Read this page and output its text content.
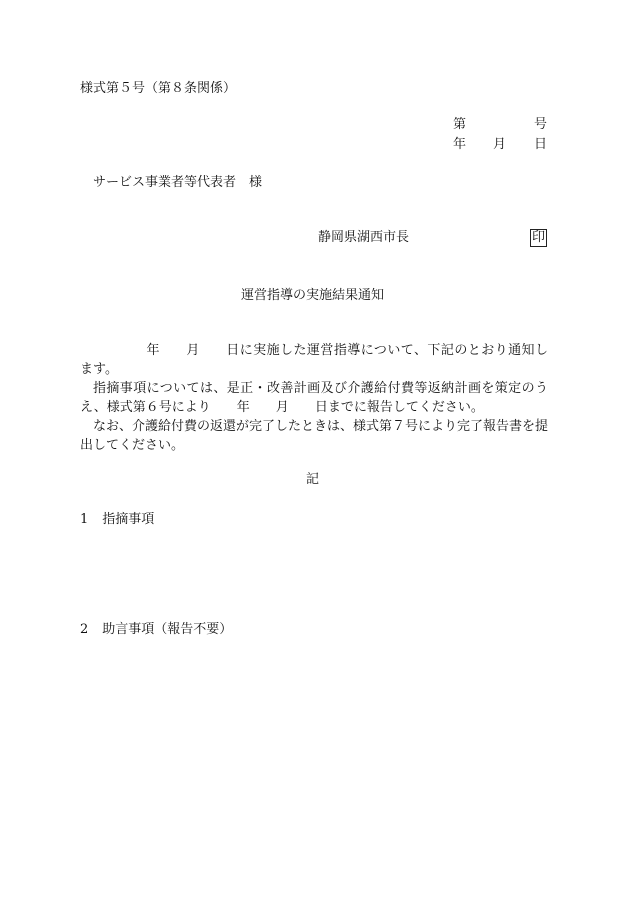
様式第５号（第８条関係）
第	号
年 月 日
サービス事業者等代表者　様
静岡県湖西市長	印
運営指導の実施結果通知
年 月 日に実施した運営指導について、下記のとおり通知します。
指摘事項については、是正・改善計画及び介護給付費等返納計画を策定のうえ、様式第６号により 年 月 日までに報告してください。
なお、介護給付費の返還が完了したときは、様式第７号により完了報告書を提出してください。
記
1 指摘事項
2 助言事項（報告不要）
